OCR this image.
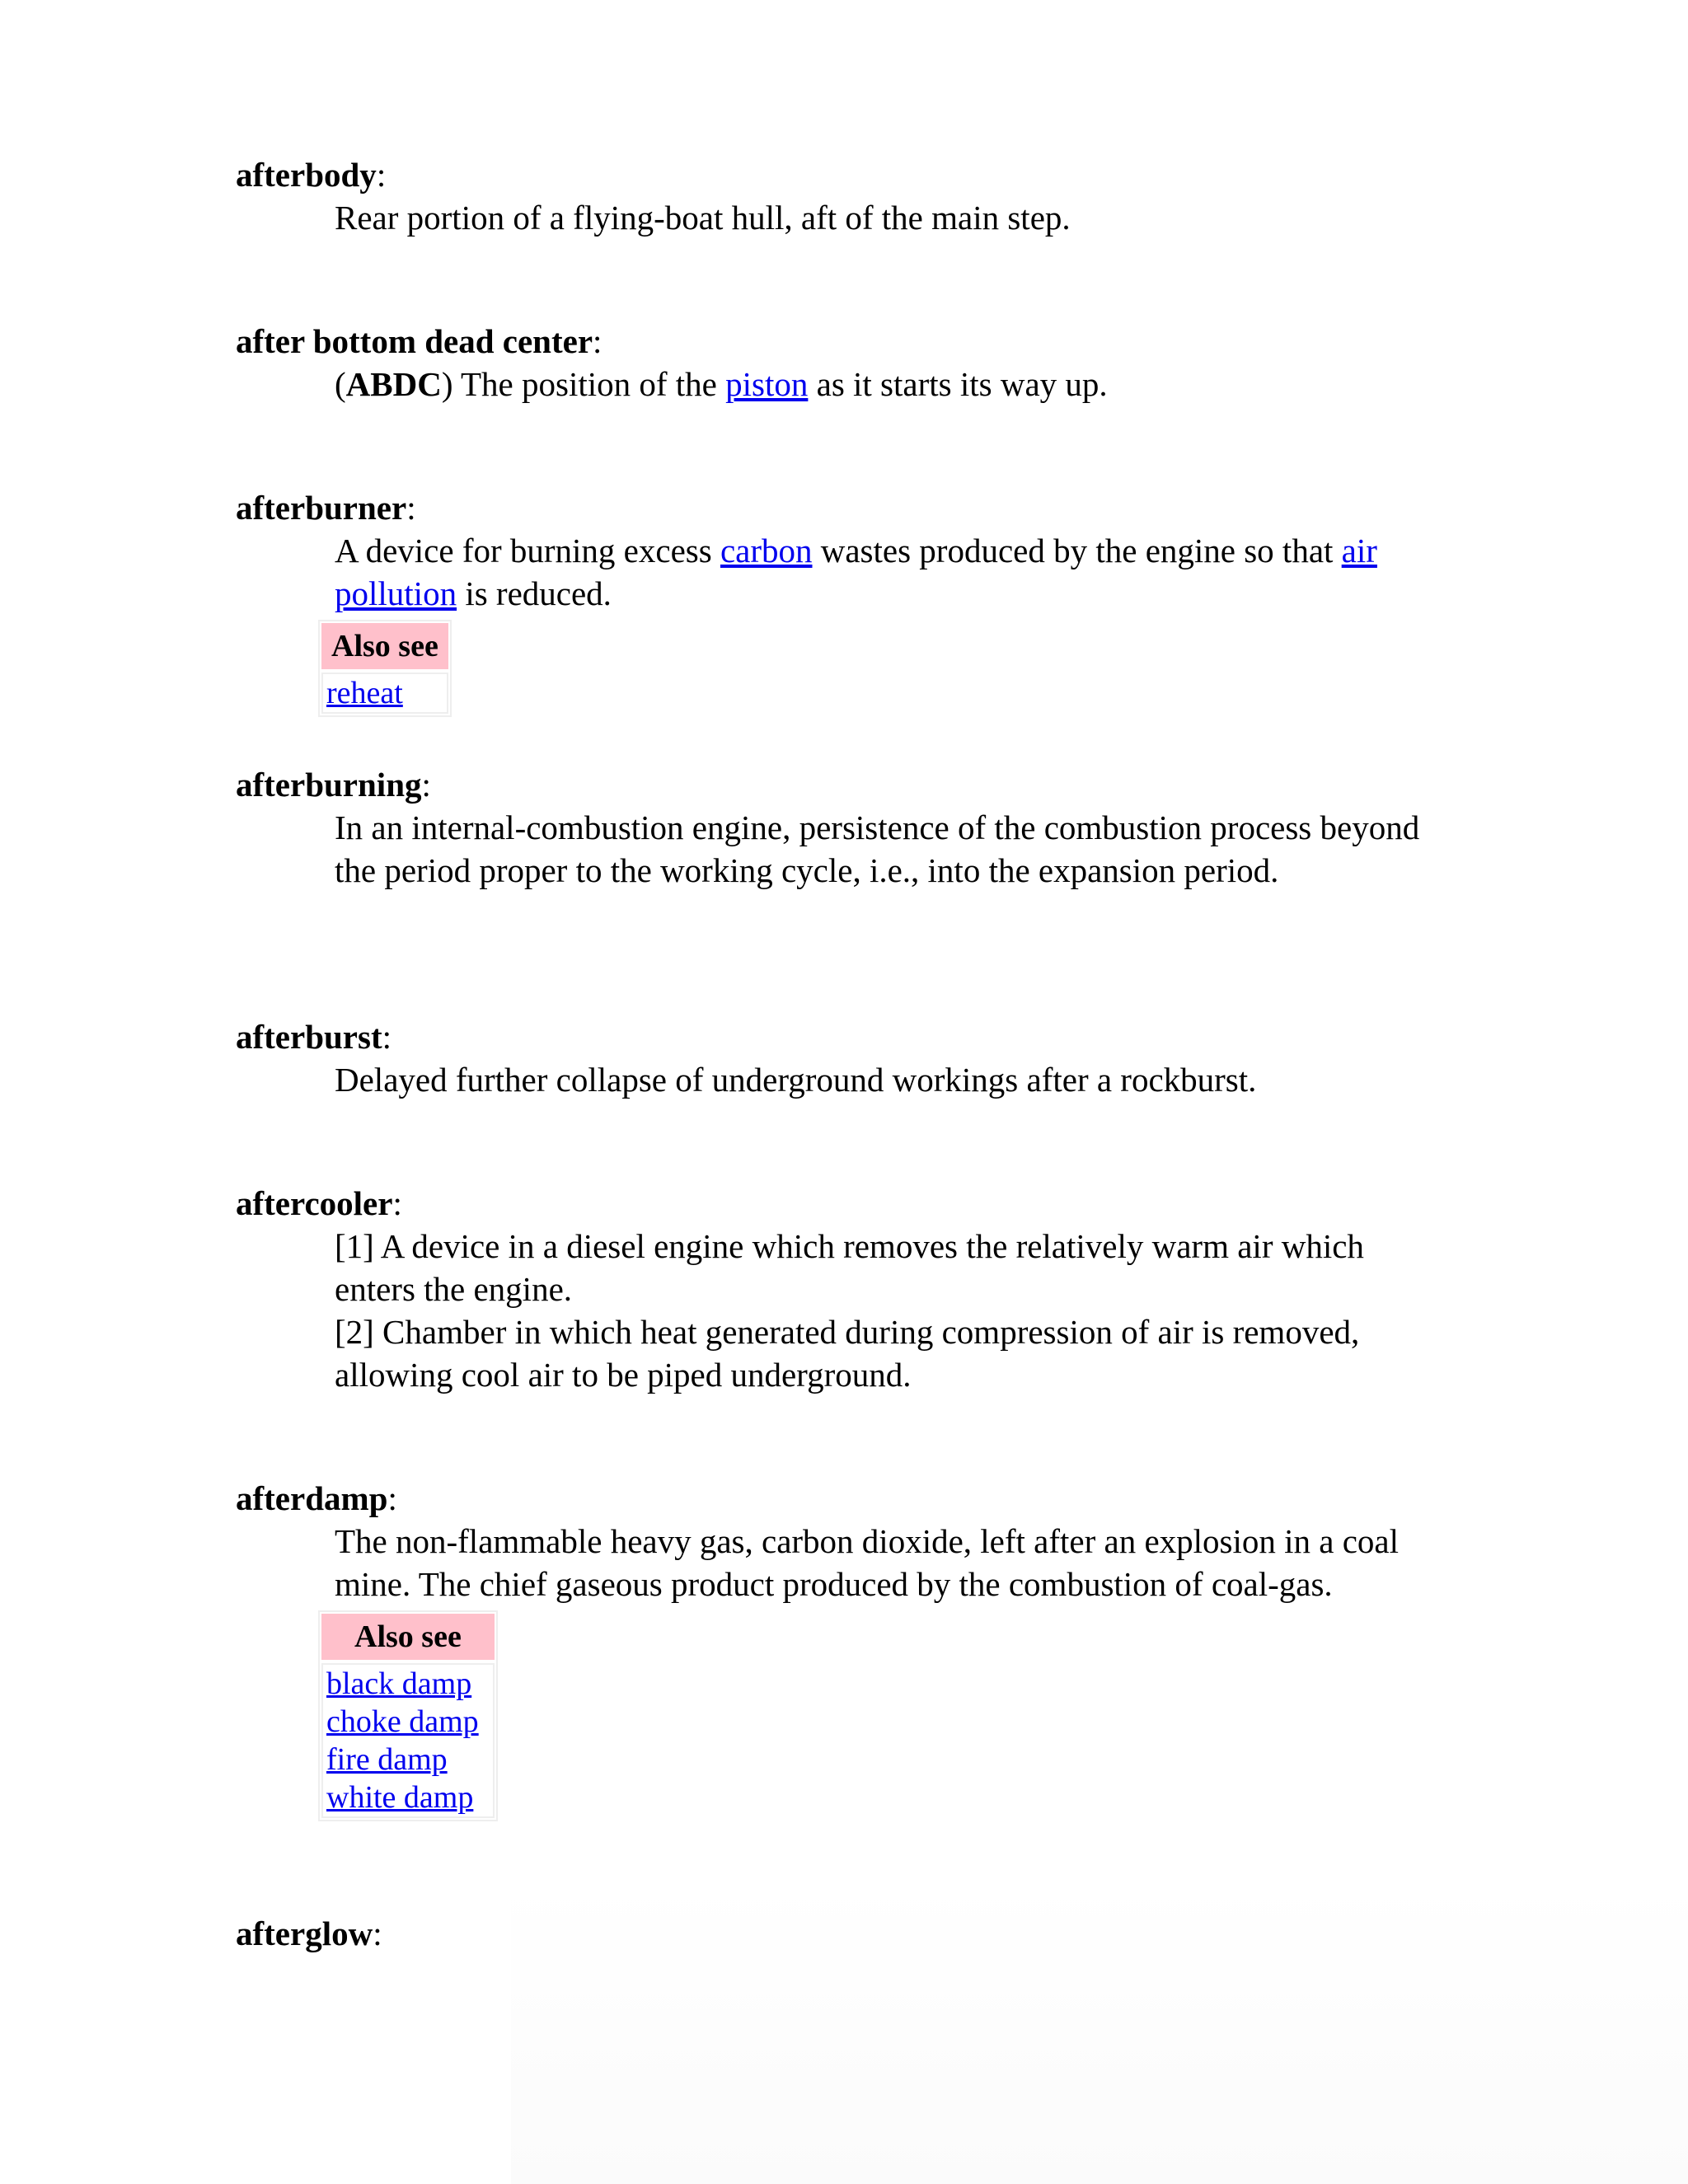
afterbody:

Rear portion of a flying-boat hull, aft of the main step.

after bottom dead center:

(ABDC) The position of the piston as it starts its way up.

afterburner:

A device for burning excess carbon wastes produced by the engine so that air pollution is reduced.

Also see
reheat

afterburning:

In an internal-combustion engine, persistence of the combustion process beyond the period proper to the working cycle, i.e., into the expansion period.

afterburst:

Delayed further collapse of underground workings after a rockburst.

aftercooler:

[1] A device in a diesel engine which removes the relatively warm air which enters the engine.

[2] Chamber in which heat generated during compression of air is removed, allowing cool air to be piped underground.

afterdamp:

The non-flammable heavy gas, carbon dioxide, left after an explosion in a coal mine. The chief gaseous product produced by the combustion of coal-gas.

Also see
black damp
choke damp
fire damp
white damp

afterglow:
